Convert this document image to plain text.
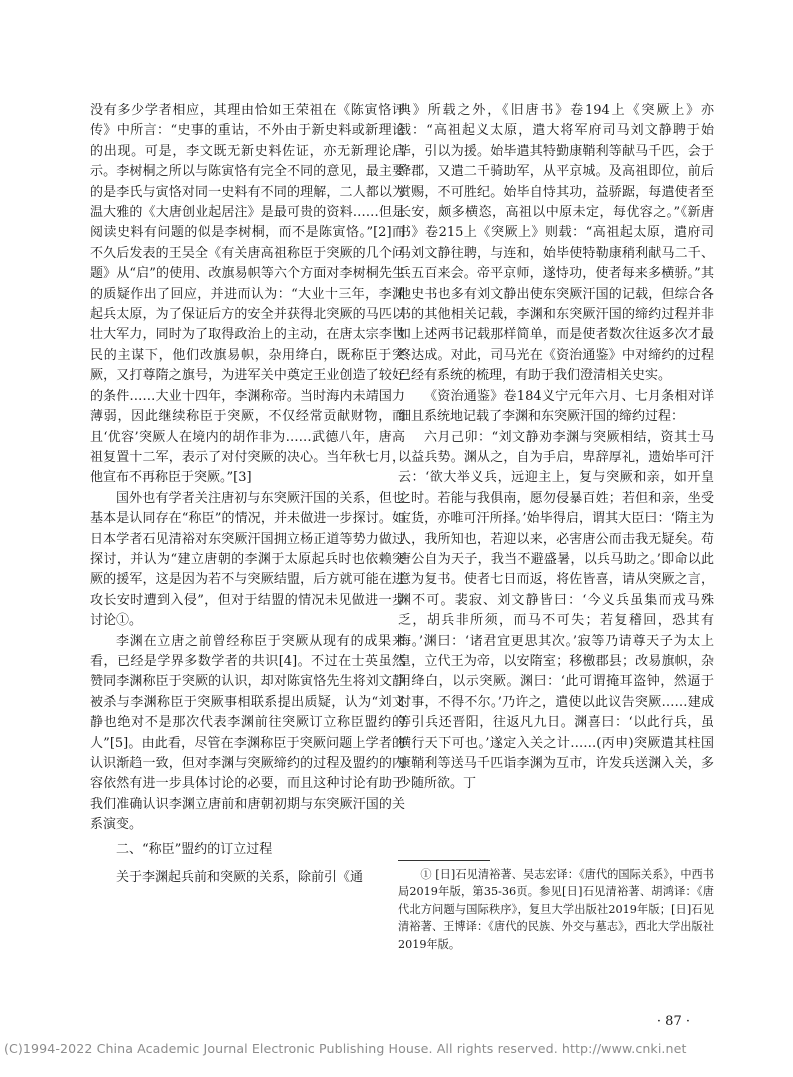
没有多少学者相应，其理由恰如王荣祖在《陈寅恪评传》中所言：“史事的重诂，不外由于新史料或新理论的出现。可是，李文既无新史料佐证，亦无新理论启示。李树桐之所以与陈寅恪有完全不同的意见，最主要的是李氏与寅恪对同一史料有不同的理解，二人都以为温大雅的《大唐创业起居注》是最可贵的资料……但是阅读史料有问题的似是李树桐，而不是陈寅恪。”[2]而不久后发表的王吴全《有关唐高祖称臣于突厥的几个问题》从“启”的使用、改旗易帜等六个方面对李树桐先生的质疑作出了回应，并进而认为：“大业十三年，李渊起兵太原，为了保证后方的安全并获得北突厥的马匹以壮大军力，同时为了取得政治上的主动，在唐太宗李世民的主谋下，他们改旗易帜，杂用绛白，既称臣于突厥，又打尊隋之旗号，为进军关中奠定王业创造了较好的条件……大业十四年，李渊称帝。当时海内未靖国力薄弱，因此继续称臣于突厥，不仅经常贡献财物，而且‘优容’突厥人在境内的胡作非为……武德八年，唐高祖复置十二军，表示了对付突厥的决心。当年秋七月，他宣布不再称臣于突厥。”[3]

国外也有学者关注唐初与东突厥汗国的关系，但也基本是认同存在“称臣”的情况，并未做进一步探讨。如日本学者石见清裕对东突厥汗国拥立杨正道等势力做过探讨，并认为“建立唐朝的李渊于太原起兵时也依赖突厥的援军，这是因为若不与突厥结盟，后方就可能在进攻长安时遭到入侵”，但对于结盟的情况未见做进一步讨论①。

李渊在立唐之前曾经称臣于突厥从现有的成果来看，已经是学界多数学者的共识[4]。不过在士英虽然赞同李渊称臣于突厥的认识，却对陈寅恪先生将刘文静被杀与李渊称臣于突厥事相联系提出质疑，认为“刘文静也绝对不是那次代表李渊前往突厥订立称臣盟约的人”[5]。由此看，尽管在李渊称臣于突厥问题上学者的认识渐趋一致，但对李渊与突厥缔约的过程及盟约的内容依然有进一步具体讨论的必要，而且这种讨论有助于我们准确认识李渊立唐前和唐朝初期与东突厥汗国的关系演变。

二、“称臣”盟约的订立过程

关于李渊起兵前和突厥的关系，除前引《通

典》所载之外，《旧唐书》卷194上《突厥上》亦载：“高祖起义太原，遣大将军府司马刘文静聘于始毕，引以为援。始毕遣其特勤康鞘利等献马千匹，会于绛郡，又遣二千骑助军，从平京城。及高祖即位，前后赏赐，不可胜纪。始毕自恃其功，益骄踞，每遣使者至长安，颇多横恣，高祖以中原未定，每优容之。”《新唐书》卷215上《突厥上》则载：“高祖起太原，遣府司马刘文静往聘，与连和，始毕使特勒康稍利献马二千、兵五百来会。帝平京师，遂恃功，使者每来多横骄。”其他史书也多有刘文静出使东突厥汗国的记载，但综合各书的其他相关记载，李渊和东突厥汗国的缔约过程并非如上述两书记载那样简单，而是使者数次往返多次才最终达成。对此，司马光在《资治通鉴》中对缔约的过程已经有系统的梳理，有助于我们澄清相关史实。

《资治通鉴》卷184义宁元年六月、七月条相对详细且系统地记载了李渊和东突厥汗国的缔约过程：

六月己卯：“刘文静劝李渊与突厥相结，资其士马以益兵势。渊从之，自为手启，卑辞厚礼，遗始毕可汗云：‘欲大举义兵，远迎主上，复与突厥和亲，如开皇之时。若能与我俱南，愿勿侵暴百姓；若但和亲，坐受宝货，亦唯可汗所择。’始毕得启，谓其大臣曰：‘隋主为人，我所知也，若迎以来，必害唐公而击我无疑矣。苟唐公自为天子，我当不避盛暑，以兵马助之。’即命以此意为复书。使者七日而返，将佐皆喜，请从突厥之言，渊不可。裴寂、刘文静皆曰：‘今义兵虽集而戎马殊乏，胡兵非所须，而马不可失；若复稽回，恐其有悔。’渊曰：‘诸君宜更思其次。’寂等乃请尊天子为太上皇，立代王为帝，以安隋室；移檄郡县；改易旗帜，杂用绛白，以示突厥。渊曰：‘此可谓掩耳盗钟，然逼于时事，不得不尔。’乃许之，遣使以此议告突厥……建成等引兵还晋阳，往返凡九日。渊喜曰：‘以此行兵，虽横行天下可也。’遂定入关之计……(丙申)突厥遣其柱国康鞘利等送马千匹诣李渊为互市，许发兵送渊入关，多少随所欲。丁

① [日]石见清裕著、吴志宏译：《唐代的国际关系》，中西书局2019年版，第35-36页。参见[日]石见清裕著、胡鸿译：《唐代北方问题与国际秩序》，复旦大学出版社2019年版；[日]石见清裕著、王博译：《唐代的民族、外交与墓志》，西北大学出版社2019年版。

· 87 ·
(C)1994-2022 China Academic Journal Electronic Publishing House. All rights reserved. http://www.cnki.net
